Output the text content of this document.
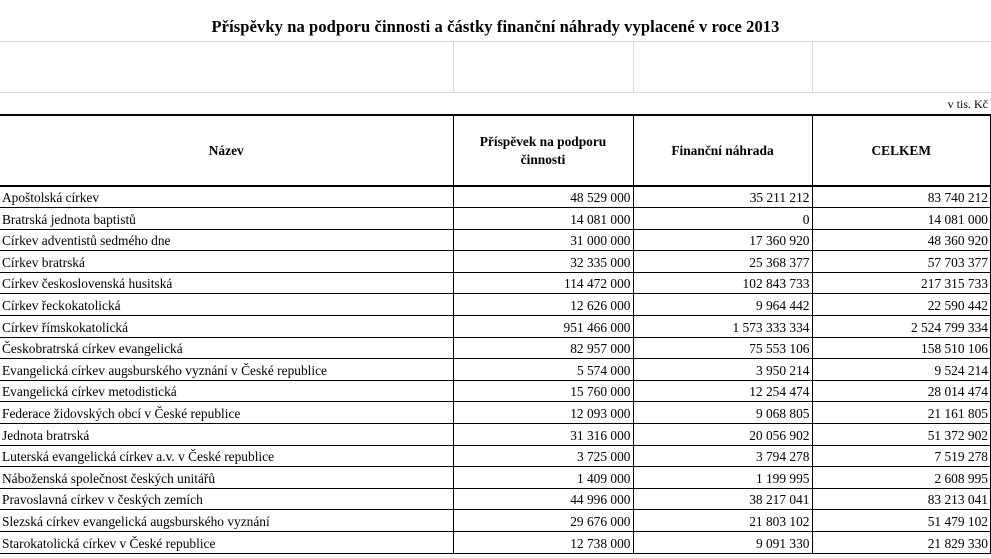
Příspěvky na podporu činnosti a částky finanční náhrady vyplacené v roce 2013
v tis. Kč
Název	Příspěvek na podporu činnosti	Finanční náhrada	CELKEM
Apoštolská církev	48 529 000	35 211 212	83 740 212
Bratrská jednota baptistů	14 081 000	0	14 081 000
Církev adventistů sedmého dne	31 000 000	17 360 920	48 360 920
Církev bratrská	32 335 000	25 368 377	57 703 377
Církev československá husitská	114 472 000	102 843 733	217 315 733
Církev řeckokatolická	12 626 000	9 964 442	22 590 442
Církev římskokatolická	951 466 000	1 573 333 334	2 524 799 334
Českobratrská církev evangelická	82 957 000	75 553 106	158 510 106
Evangelická církev augsburského vyznání v České republice	5 574 000	3 950 214	9 524 214
Evangelická církev metodistická	15 760 000	12 254 474	28 014 474
Federace židovských obcí v České republice	12 093 000	9 068 805	21 161 805
Jednota bratrská	31 316 000	20 056 902	51 372 902
Luterská evangelická církev a.v. v České republice	3 725 000	3 794 278	7 519 278
Náboženská společnost českých unitářů	1 409 000	1 199 995	2 608 995
Pravoslavná církev v českých zemích	44 996 000	38 217 041	83 213 041
Slezská církev evangelická augsburského vyznání	29 676 000	21 803 102	51 479 102
Starokatolická církev v České republice	12 738 000	9 091 330	21 829 330
